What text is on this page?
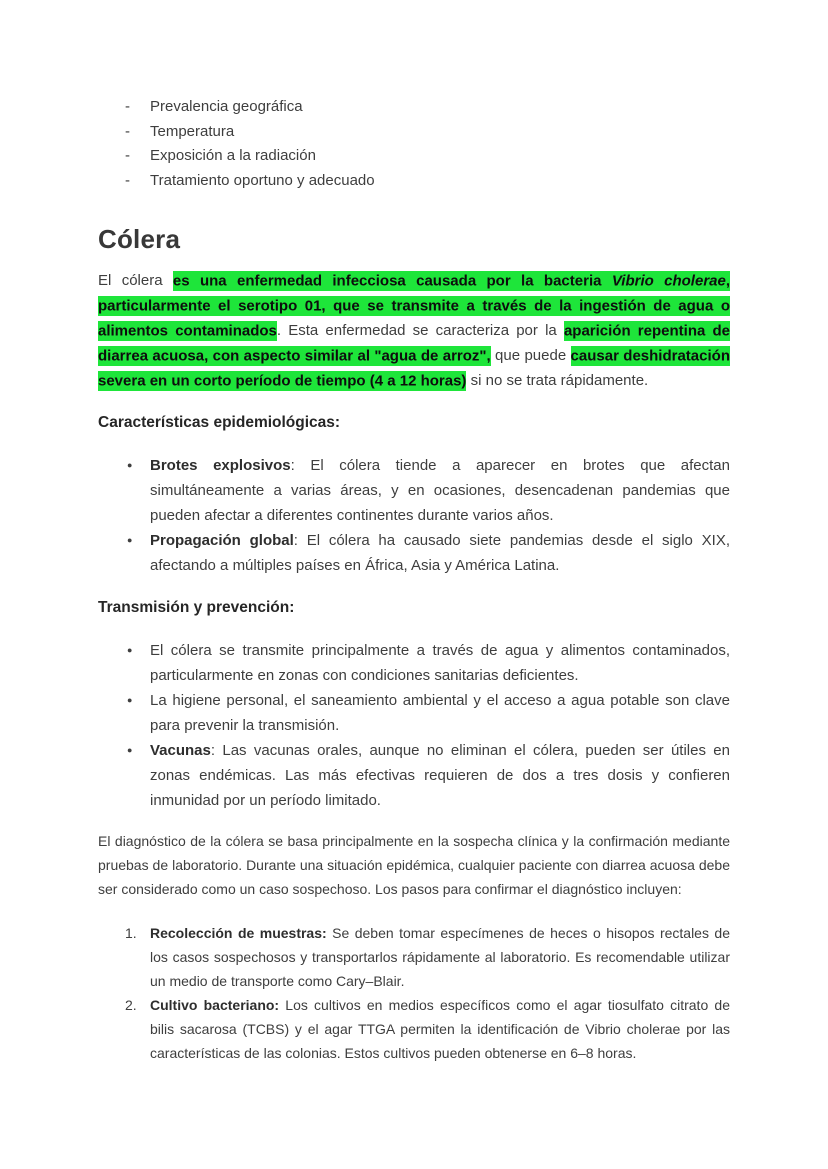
- Prevalencia geográfica
- Temperatura
- Exposición a la radiación
- Tratamiento oportuno y adecuado
Cólera

El cólera es una enfermedad infecciosa causada por la bacteria Vibrio cholerae, particularmente el serotipo 01, que se transmite a través de la ingestión de agua o alimentos contaminados. Esta enfermedad se caracteriza por la aparición repentina de diarrea acuosa, con aspecto similar al "agua de arroz", que puede causar deshidratación severa en un corto período de tiempo (4 a 12 horas) si no se trata rápidamente.

Características epidemiológicas:
● Brotes explosivos: El cólera tiende a aparecer en brotes que afectan simultáneamente a varias áreas, y en ocasiones, desencadenan pandemias que pueden afectar a diferentes continentes durante varios años.
● Propagación global: El cólera ha causado siete pandemias desde el siglo XIX, afectando a múltiples países en África, Asia y América Latina.
Transmisión y prevención:
● El cólera se transmite principalmente a través de agua y alimentos contaminados, particularmente en zonas con condiciones sanitarias deficientes.
● La higiene personal, el saneamiento ambiental y el acceso a agua potable son clave para prevenir la transmisión.
● Vacunas: Las vacunas orales, aunque no eliminan el cólera, pueden ser útiles en zonas endémicas. Las más efectivas requieren de dos a tres dosis y confieren inmunidad por un período limitado.

El diagnóstico de la cólera se basa principalmente en la sospecha clínica y la confirmación mediante pruebas de laboratorio. Durante una situación epidémica, cualquier paciente con diarrea acuosa debe ser considerado como un caso sospechoso. Los pasos para confirmar el diagnóstico incluyen:

1. Recolección de muestras: Se deben tomar especímenes de heces o hisopos rectales de los casos sospechosos y transportarlos rápidamente al laboratorio. Es recomendable utilizar un medio de transporte como Cary–Blair.
2. Cultivo bacteriano: Los cultivos en medios específicos como el agar tiosulfato citrato de bilis sacarosa (TCBS) y el agar TTGA permiten la identificación de Vibrio cholerae por las características de las colonias. Estos cultivos pueden obtenerse en 6–8 horas.
